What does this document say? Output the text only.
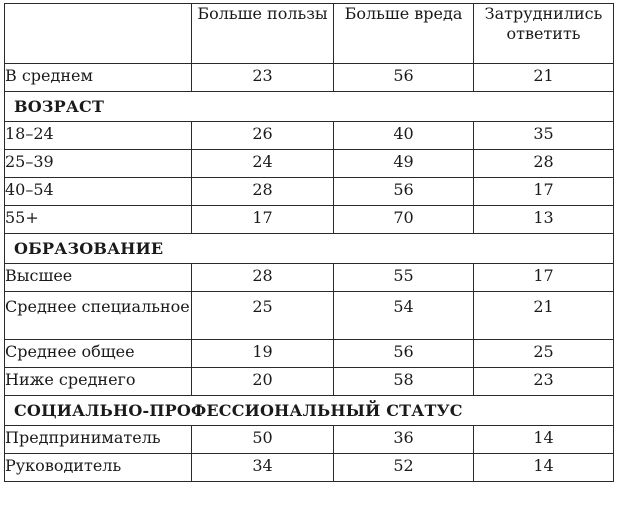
	Больше пользы	Больше вреда	Затруднились ответить
В среднем	23	56	21
ВОЗРАСТ			
18–24	26	40	35
25–39	24	49	28
40–54	28	56	17
55+	17	70	13
ОБРАЗОВАНИЕ			
Высшее	28	55	17
Среднее специальное	25	54	21
Среднее общее	19	56	25
Ниже среднего	20	58	23
СОЦИАЛЬНО-ПРОФЕССИОНАЛЬНЫЙ СТАТУС			
Предприниматель	50	36	14
Руководитель	34	52	14
